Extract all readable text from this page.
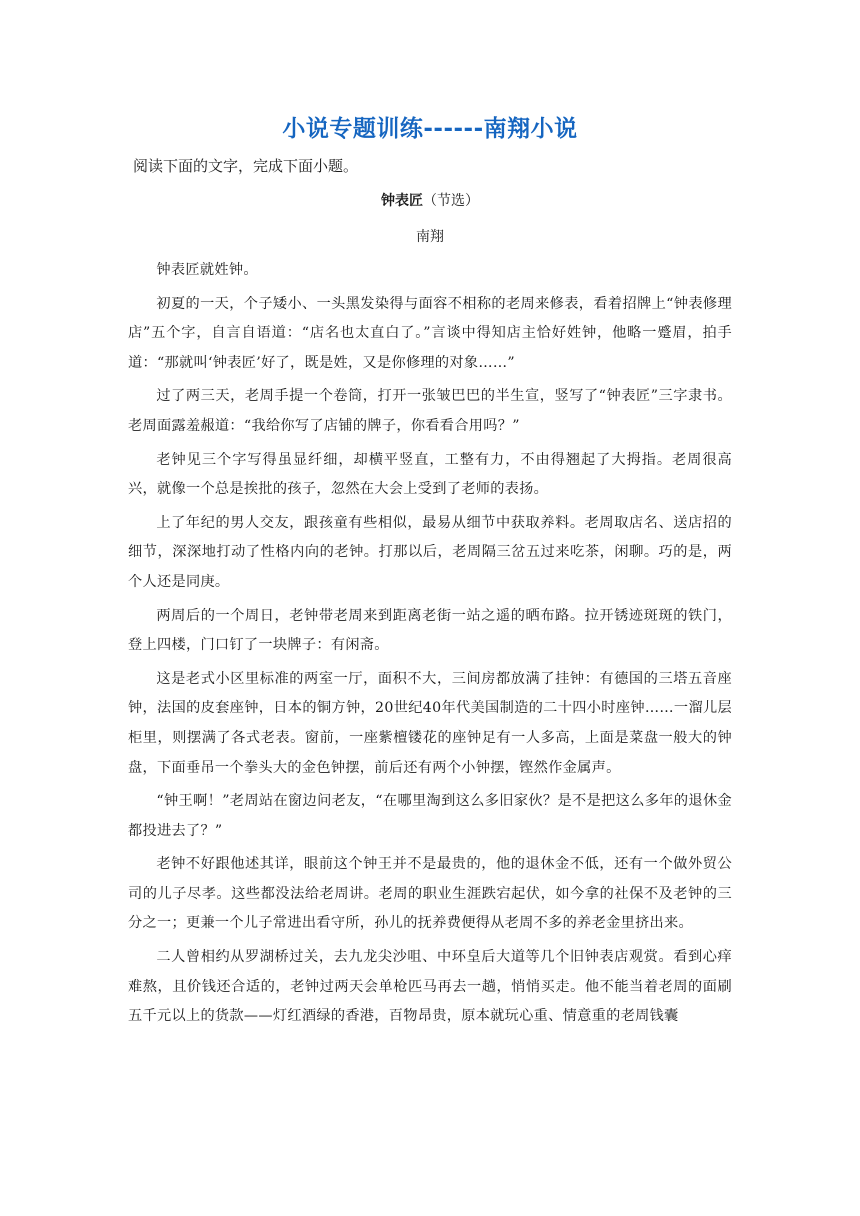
小说专题训练------南翔小说
阅读下面的文字，完成下面小题。
钟表匠（节选）
南翔

钟表匠就姓钟。

初夏的一天，个子矮小、一头黑发染得与面容不相称的老周来修表，看着招牌上“钟表修理店”五个字，自言自语道：“店名也太直白了。”言谈中得知店主恰好姓钟，他略一蹙眉，拍手道：“那就叫‘钟表匠’好了，既是姓，又是你修理的对象……”

过了两三天，老周手提一个卷筒，打开一张皱巴巴的半生宣，竖写了“钟表匠”三字隶书。老周面露羞赧道：“我给你写了店铺的牌子，你看看合用吗？”

老钟见三个字写得虽显纤细，却横平竖直，工整有力，不由得翘起了大拇指。老周很高兴，就像一个总是挨批的孩子，忽然在大会上受到了老师的表扬。

上了年纪的男人交友，跟孩童有些相似，最易从细节中获取养料。老周取店名、送店招的细节，深深地打动了性格内向的老钟。打那以后，老周隔三岔五过来吃茶，闲聊。巧的是，两个人还是同庚。

两周后的一个周日，老钟带老周来到距离老街一站之遥的晒布路。拉开锈迹斑斑的铁门，登上四楼，门口钉了一块牌子：有闲斋。

这是老式小区里标准的两室一厅，面积不大，三间房都放满了挂钟：有德国的三塔五音座钟，法国的皮套座钟，日本的铜方钟，20世纪40年代美国制造的二十四小时座钟……一溜儿层柜里，则摆满了各式老表。窗前，一座紫檀镂花的座钟足有一人多高，上面是菜盘一般大的钟盘，下面垂吊一个拳头大的金色钟摆，前后还有两个小钟摆，铿然作金属声。

“钟王啊！”老周站在窗边问老友，“在哪里淘到这么多旧家伙？是不是把这么多年的退休金都投进去了？”

老钟不好跟他述其详，眼前这个钟王并不是最贵的，他的退休金不低，还有一个做外贸公司的儿子尽孝。这些都没法给老周讲。老周的职业生涯跌宕起伏，如今拿的社保不及老钟的三分之一；更兼一个儿子常进出看守所，孙儿的抚养费便得从老周不多的养老金里挤出来。

二人曾相约从罗湖桥过关，去九龙尖沙咀、中环皇后大道等几个旧钟表店观赏。看到心痒难熬，且价钱还合适的，老钟过两天会单枪匹马再去一趟，悄悄买走。他不能当着老周的面刷五千元以上的货款——灯红酒绿的香港，百物昂贵，原本就玩心重、情意重的老周钱囊
